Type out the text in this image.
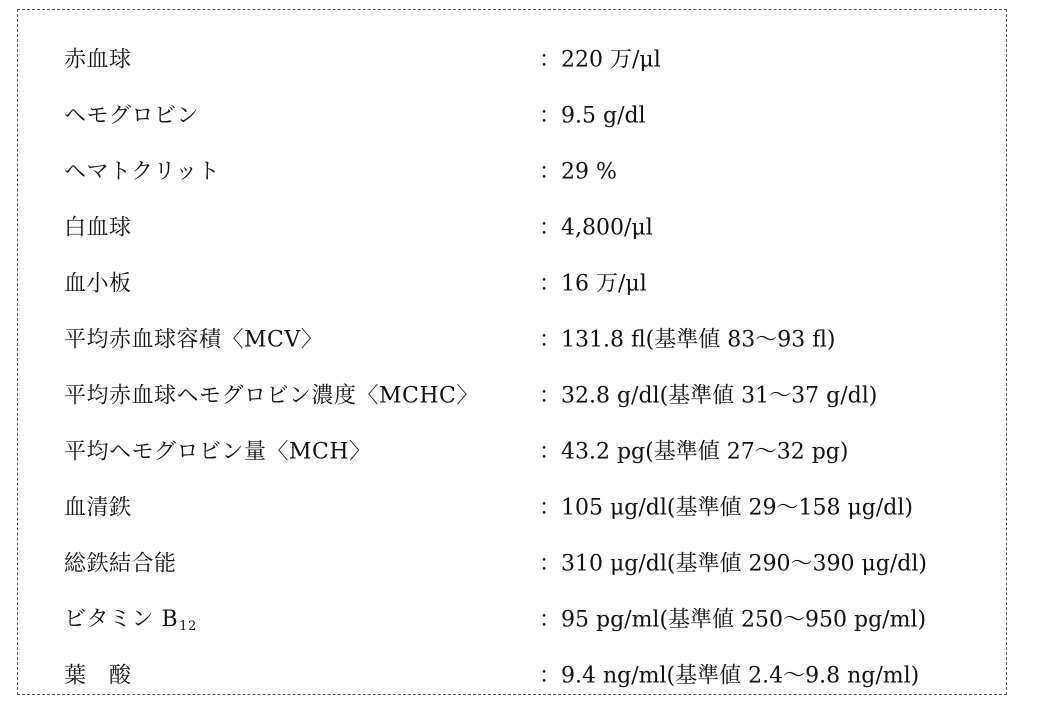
赤血球	：220 万/μl
ヘモグロビン	：9.5 g/dl
ヘマトクリット	：29 %
白血球	：4,800/μl
血小板	：16 万/μl
平均赤血球容積〈MCV〉	：131.8 fl(基準値 83～93 fl)
平均赤血球ヘモグロビン濃度〈MCHC〉	：32.8 g/dl(基準値 31～37 g/dl)
平均ヘモグロビン量〈MCH〉	：43.2 pg(基準値 27～32 pg)
血清鉄	：105 μg/dl(基準値 29～158 μg/dl)
総鉄結合能	：310 μg/dl(基準値 290～390 μg/dl)
ビタミン $B_{12}$	：95 pg/ml(基準値 250～950 pg/ml)
葉　酸	：9.4 ng/ml(基準値 2.4～9.8 ng/ml)
